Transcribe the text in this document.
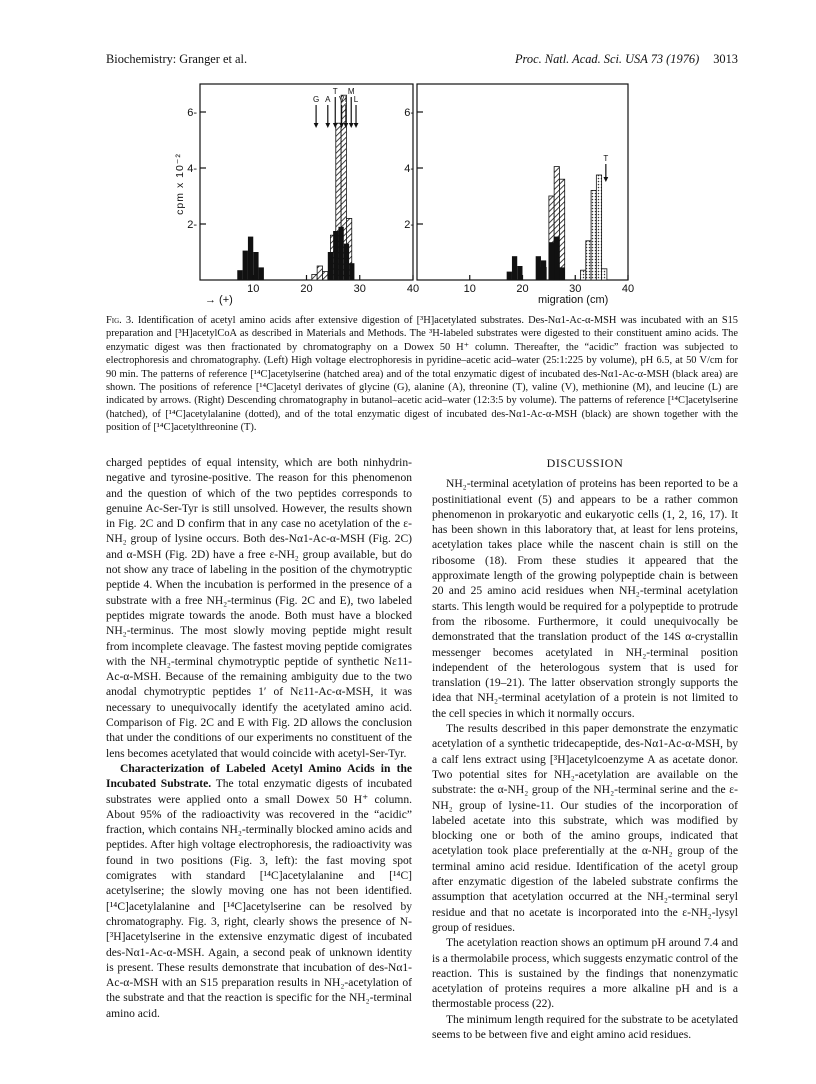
Biochemistry: Granger et al.	Proc. Natl. Acad. Sci. USA 73 (1976) 3013
G A
T
V I
M
L
2-
4-
6-
10	20	30	40
cpm x 10⁻²
→ (+)
T
2-
4-
6-
10	20	30	40
migration (cm)
Fig. 3. Identification of acetyl amino acids after extensive digestion of [³H]acetylated substrates. Des-Nα1-Ac-α-MSH was incubated with an S15 preparation and [³H]acetylCoA as described in Materials and Methods. The ³H-labeled substrates were digested to their constituent amino acids. The enzymatic digest was then fractionated by chromatography on a Dowex 50 H⁺ column. Thereafter, the “acidic” fraction was subjected to electrophoresis and chromatography. (Left) High voltage electrophoresis in pyridine–acetic acid–water (25:1:225 by volume), pH 6.5, at 50 V/cm for 90 min. The patterns of reference [¹⁴C]acetylserine (hatched area) and of the total enzymatic digest of incubated des-Nα1-Ac-α-MSH (black area) are shown. The positions of reference [¹⁴C]acetyl derivates of glycine (G), alanine (A), threonine (T), valine (V), methionine (M), and leucine (L) are indicated by arrows. (Right) Descending chromatography in butanol–acetic acid–water (12:3:5 by volume). The patterns of reference [¹⁴C]acetylserine (hatched), of [¹⁴C]acetylalanine (dotted), and of the total enzymatic digest of incubated des-Nα1-Ac-α-MSH (black) are shown together with the position of [¹⁴C]acetylthreonine (T).

charged peptides of equal intensity, which are both ninhydrin-negative and tyrosine-positive. The reason for this phenomenon and the question of which of the two peptides corresponds to genuine Ac-Ser-Tyr is still unsolved. However, the results shown in Fig. 2C and D confirm that in any case no acetylation of the ε-NH₂ group of lysine occurs. Both des-Nα1-Ac-α-MSH (Fig. 2C) and α-MSH (Fig. 2D) have a free ε-NH₂ group available, but do not show any trace of labeling in the position of the chymotryptic peptide 4. When the incubation is performed in the presence of a substrate with a free NH₂-terminus (Fig. 2C and E), two labeled peptides migrate towards the anode. Both must have a blocked NH₂-terminus. The most slowly moving peptide might result from incomplete cleavage. The fastest moving peptide comigrates with the NH₂-terminal chymotryptic peptide of synthetic Nε11-Ac-α-MSH. Because of the remaining ambiguity due to the two anodal chymotryptic peptides 1′ of Nε11-Ac-α-MSH, it was necessary to unequivocally identify the acetylated amino acid. Comparison of Fig. 2C and E with Fig. 2D allows the conclusion that under the conditions of our experiments no constituent of the lens becomes acetylated that would coincide with acetyl-Ser-Tyr.

Characterization of Labeled Acetyl Amino Acids in the Incubated Substrate. The total enzymatic digests of incubated substrates were applied onto a small Dowex 50 H⁺ column. About 95% of the radioactivity was recovered in the “acidic” fraction, which contains NH₂-terminally blocked amino acids and peptides. After high voltage electrophoresis, the radioactivity was found in two positions (Fig. 3, left): the fast moving spot comigrates with standard [¹⁴C]acetylalanine and [¹⁴C] acetylserine; the slowly moving one has not been identified. [¹⁴C]acetylalanine and [¹⁴C]acetylserine can be resolved by chromatography. Fig. 3, right, clearly shows the presence of N-[³H]acetylserine in the extensive enzymatic digest of incubated des-Nα1-Ac-α-MSH. Again, a second peak of unknown identity is present. These results demonstrate that incubation of des-Nα1-Ac-α-MSH with an S15 preparation results in NH₂-acetylation of the substrate and that the reaction is specific for the NH₂-terminal amino acid.

DISCUSSION

NH₂-terminal acetylation of proteins has been reported to be a postinitiational event (5) and appears to be a rather common phenomenon in prokaryotic and eukaryotic cells (1, 2, 16, 17). It has been shown in this laboratory that, at least for lens proteins, acetylation takes place while the nascent chain is still on the ribosome (18). From these studies it appeared that the approximate length of the growing polypeptide chain is between 20 and 25 amino acid residues when NH₂-terminal acetylation starts. This length would be required for a polypeptide to protrude from the ribosome. Furthermore, it could unequivocally be demonstrated that the translation product of the 14S α-crystallin messenger becomes acetylated in NH₂-terminal position independent of the heterologous system that is used for translation (19–21). The latter observation strongly supports the idea that NH₂-terminal acetylation of a protein is not limited to the cell species in which it normally occurs.

The results described in this paper demonstrate the enzymatic acetylation of a synthetic tridecapeptide, des-Nα1-Ac-α-MSH, by a calf lens extract using [³H]acetylcoenzyme A as acetate donor. Two potential sites for NH₂-acetylation are available on the substrate: the α-NH₂ group of the NH₂-terminal serine and the ε-NH₂ group of lysine-11. Our studies of the incorporation of labeled acetate into this substrate, which was modified by blocking one or both of the amino groups, indicated that acetylation took place preferentially at the α-NH₂ group of the terminal amino acid residue. Identification of the acetyl group after enzymatic digestion of the labeled substrate confirms the assumption that acetylation occurred at the NH₂-terminal seryl residue and that no acetate is incorporated into the ε-NH₂-lysyl group of residues.

The acetylation reaction shows an optimum pH around 7.4 and is a thermolabile process, which suggests enzymatic control of the reaction. This is sustained by the findings that nonenzymatic acetylation of proteins requires a more alkaline pH and is a thermostable process (22).

The minimum length required for the substrate to be acetylated seems to be between five and eight amino acid residues.
